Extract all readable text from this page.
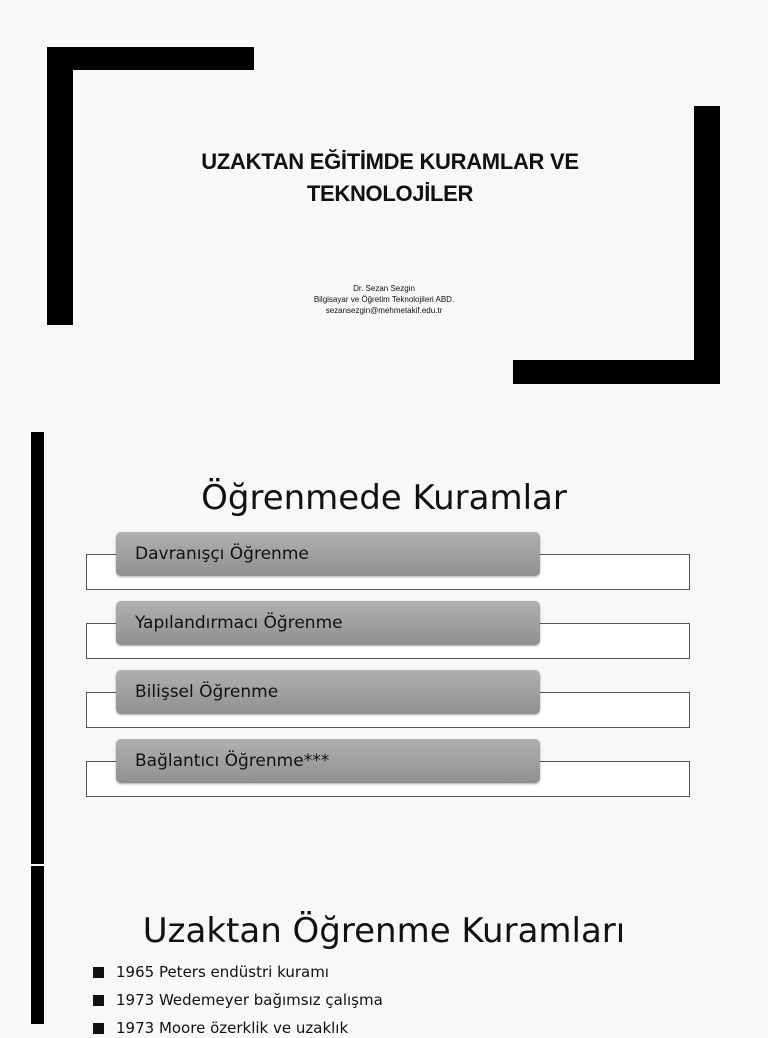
UZAKTAN EĞİTİMDE KURAMLAR VE
TEKNOLOJİLER
Dr. Sezan Sezgin
Bilgisayar ve Öğretim Teknolojileri ABD.
sezansezgin@mehmetakif.edu.tr
Öğrenmede Kuramlar
Davranışçı Öğrenme
Yapılandırmacı Öğrenme
Bilişsel Öğrenme
Bağlantıcı Öğrenme***
Uzaktan Öğrenme Kuramları
1965 Peters endüstri kuramı
1973 Wedemeyer bağımsız çalışma
1973 Moore özerklik ve uzaklık
